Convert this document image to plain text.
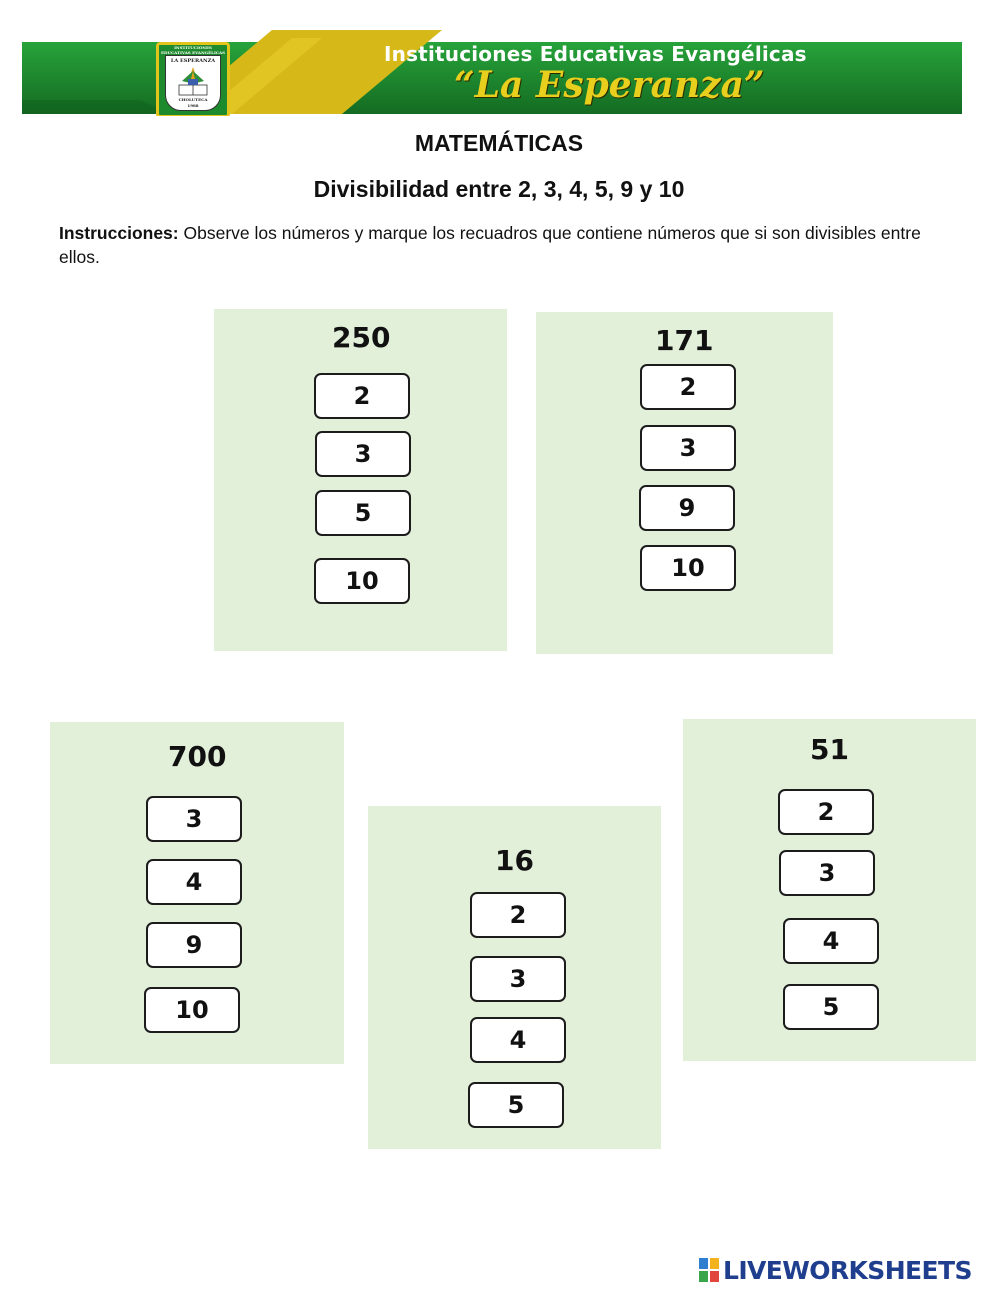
INSTITUCIONES EDUCATIVAS EVANGÉLICAS
LA ESPERANZA
CHOLUTECA
1988
Instituciones Educativas Evangélicas
“La Esperanza”
MATEMÁTICAS
Divisibilidad entre 2, 3, 4, 5, 9 y 10
Instrucciones: Observe los números y marque los recuadros que contiene números que si son divisibles entre ellos.
250
2
3
5
10
171
2
3
9
10
700
3
4
9
10
16
2
3
4
5
51
2
3
4
5
LIVEWORKSHEETS
